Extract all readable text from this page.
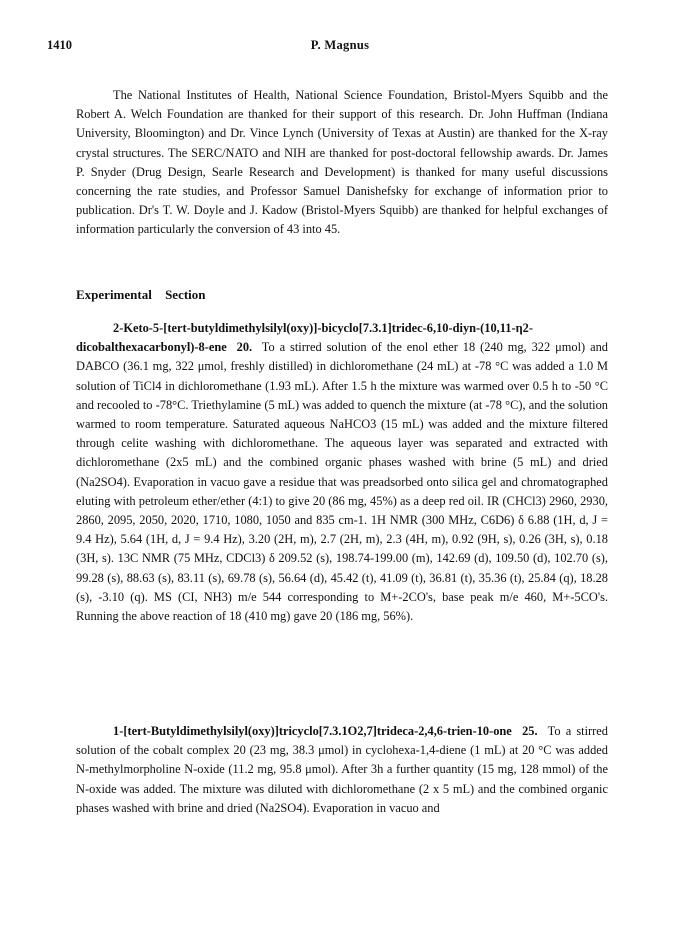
1410	P. Magnus

The National Institutes of Health, National Science Foundation, Bristol-Myers Squibb and the Robert A. Welch Foundation are thanked for their support of this research. Dr. John Huffman (Indiana University, Bloomington) and Dr. Vince Lynch (University of Texas at Austin) are thanked for the X-ray crystal structures. The SERC/NATO and NIH are thanked for post-doctoral fellowship awards. Dr. James P. Snyder (Drug Design, Searle Research and Development) is thanked for many useful discussions concerning the rate studies, and Professor Samuel Danishefsky for exchange of information prior to publication. Dr's T. W. Doyle and J. Kadow (Bristol-Myers Squibb) are thanked for helpful exchanges of information particularly the conversion of 43 into 45.

Experimental Section

2-Keto-5-[tert-butyldimethylsilyl(oxy)]-bicyclo[7.3.1]tridec-6,10-diyn-(10,11-η2-dicobalthexacarbonyl)-8-ene 20. To a stirred solution of the enol ether 18 (240 mg, 322 μmol) and DABCO (36.1 mg, 322 μmol, freshly distilled) in dichloromethane (24 mL) at -78 °C was added a 1.0 M solution of TiCl4 in dichloromethane (1.93 mL). After 1.5 h the mixture was warmed over 0.5 h to -50 °C and recooled to -78°C. Triethylamine (5 mL) was added to quench the mixture (at -78 °C), and the solution warmed to room temperature. Saturated aqueous NaHCO3 (15 mL) was added and the mixture filtered through celite washing with dichloromethane. The aqueous layer was separated and extracted with dichloromethane (2x5 mL) and the combined organic phases washed with brine (5 mL) and dried (Na2SO4). Evaporation in vacuo gave a residue that was preadsorbed onto silica gel and chromatographed eluting with petroleum ether/ether (4:1) to give 20 (86 mg, 45%) as a deep red oil. IR (CHCl3) 2960, 2930, 2860, 2095, 2050, 2020, 1710, 1080, 1050 and 835 cm-1. 1H NMR (300 MHz, C6D6) δ 6.88 (1H, d, J = 9.4 Hz), 5.64 (1H, d, J = 9.4 Hz), 3.20 (2H, m), 2.7 (2H, m), 2.3 (4H, m), 0.92 (9H, s), 0.26 (3H, s), 0.18 (3H, s). 13C NMR (75 MHz, CDCl3) δ 209.52 (s), 198.74-199.00 (m), 142.69 (d), 109.50 (d), 102.70 (s), 99.28 (s), 88.63 (s), 83.11 (s), 69.78 (s), 56.64 (d), 45.42 (t), 41.09 (t), 36.81 (t), 35.36 (t), 25.84 (q), 18.28 (s), -3.10 (q). MS (CI, NH3) m/e 544 corresponding to M+-2CO's, base peak m/e 460, M+-5CO's. Running the above reaction of 18 (410 mg) gave 20 (186 mg, 56%).

1-[tert-Butyldimethylsilyl(oxy)]tricyclo[7.3.1O2,7]trideca-2,4,6-trien-10-one 25. To a stirred solution of the cobalt complex 20 (23 mg, 38.3 μmol) in cyclohexa-1,4-diene (1 mL) at 20 °C was added N-methylmorpholine N-oxide (11.2 mg, 95.8 μmol). After 3h a further quantity (15 mg, 128 mmol) of the N-oxide was added. The mixture was diluted with dichloromethane (2 x 5 mL) and the combined organic phases washed with brine and dried (Na2SO4). Evaporation in vacuo and
